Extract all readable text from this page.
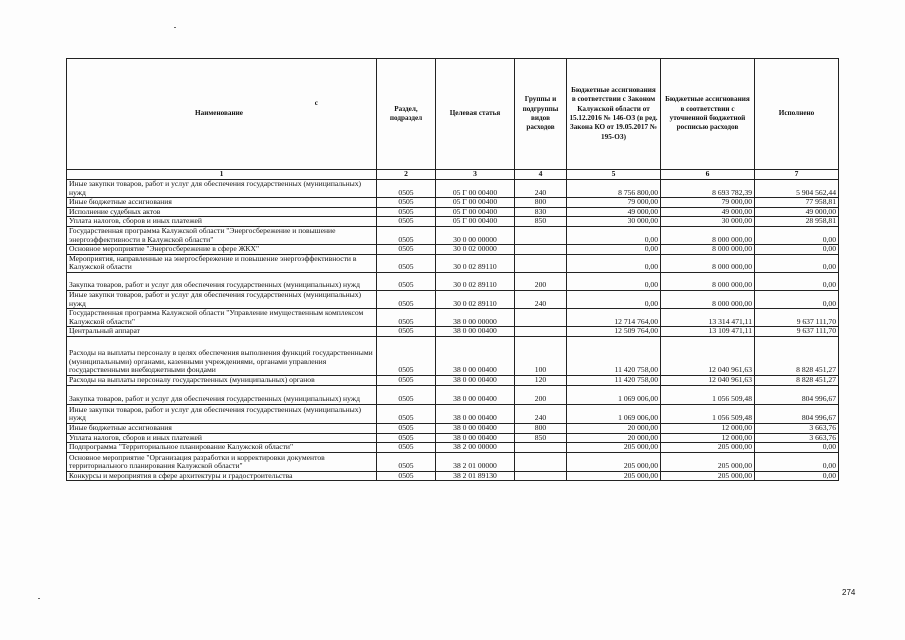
Наименование с	Раздел, подраздел	Целевая статья	Группы и подгруппы видов расходов	Бюджетные ассигнования в соответствии с Законом Калужской области от 15.12.2016 № 146-ОЗ (в ред. Закона КО от 19.05.2017 № 195-ОЗ)	Бюджетные ассигнования в соответствии с уточненной бюджетной росписью расходов	Исполнено
1	2	3	4	5	6	7
Иные закупки товаров, работ и услуг для обеспечения государственных (муниципальных) нужд	0505	05 Г 00 00400	240	8 756 800,00	8 693 782,39	5 904 562,44
Иные бюджетные ассигнования	0505	05 Г 00 00400	800	79 000,00	79 000,00	77 958,81
Исполнение судебных актов	0505	05 Г 00 00400	830	49 000,00	49 000,00	49 000,00
Уплата налогов, сборов и иных платежей	0505	05 Г 00 00400	850	30 000,00	30 000,00	28 958,81
Государственная программа Калужской области "Энергосбережение и повышение энергоэффективности в Калужской области"	0505	30 0 00 00000		0,00	8 000 000,00	0,00
Основное мероприятие "Энергосбережение в сфере ЖКХ"	0505	30 0 02 00000		0,00	8 000 000,00	0,00
Мероприятия, направленные на энергосбережение и повышение энергоэффективности в Калужской области	0505	30 0 02 89110		0,00	8 000 000,00	0,00
Закупка товаров, работ и услуг для обеспечения государственных (муниципальных) нужд	0505	30 0 02 89110	200	0,00	8 000 000,00	0,00
Иные закупки товаров, работ и услуг для обеспечения государственных (муниципальных) нужд	0505	30 0 02 89110	240	0,00	8 000 000,00	0,00
Государственная программа Калужской области "Управление имущественным комплексом Калужской области"	0505	38 0 00 00000		12 714 764,00	13 314 471,11	9 637 111,70
Центральный аппарат	0505	38 0 00 00400		12 509 764,00	13 109 471,11	9 637 111,70
Расходы на выплаты персоналу в целях обеспечения выполнения функций государственными (муниципальными) органами, казенными учреждениями, органами управления государственными внебюджетными фондами	0505	38 0 00 00400	100	11 420 758,00	12 040 961,63	8 828 451,27
Расходы на выплаты персоналу государственных (муниципальных) органов	0505	38 0 00 00400	120	11 420 758,00	12 040 961,63	8 828 451,27
Закупка товаров, работ и услуг для обеспечения государственных (муниципальных) нужд	0505	38 0 00 00400	200	1 069 006,00	1 056 509,48	804 996,67
Иные закупки товаров, работ и услуг для обеспечения государственных (муниципальных) нужд	0505	38 0 00 00400	240	1 069 006,00	1 056 509,48	804 996,67
Иные бюджетные ассигнования	0505	38 0 00 00400	800	20 000,00	12 000,00	3 663,76
Уплата налогов, сборов и иных платежей	0505	38 0 00 00400	850	20 000,00	12 000,00	3 663,76
Подпрограмма "Территориальное планирование Калужской области"	0505	38 2 00 00000		205 000,00	205 000,00	0,00
Основное мероприятие "Организация разработки и корректировки документов территориального планирования Калужской области"	0505	38 2 01 00000		205 000,00	205 000,00	0,00
Конкурсы и мероприятия в сфере архитектуры и градостроительства	0505	38 2 01 89130		205 000,00	205 000,00	0,00
274
